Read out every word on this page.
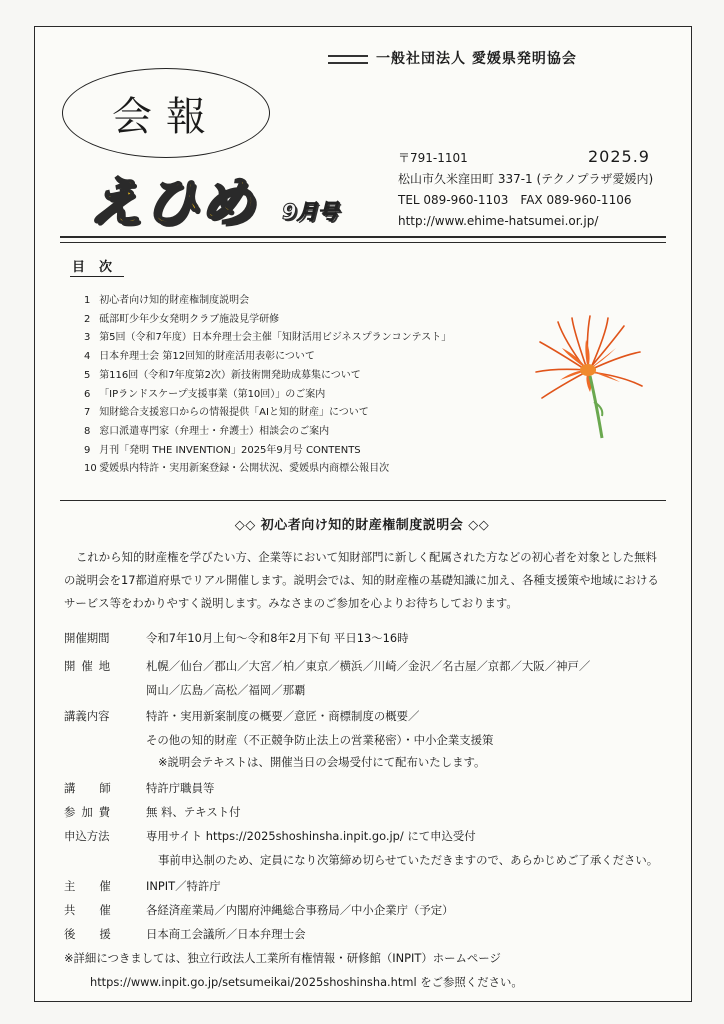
一般社団法人 愛媛県発明協会
会報
えひめ 9月号
〒791-1101	2025.9
松山市久米窪田町 337-1 (テクノプラザ愛媛内)
TEL 089-960-1103　FAX 089-960-1106
http://www.ehime-hatsumei.or.jp/
目次
1 初心者向け知的財産権制度説明会
2 砥部町少年少女発明クラブ施設見学研修
3 第5回（令和7年度）日本弁理士会主催「知財活用ビジネスプランコンテスト」
4 日本弁理士会 第12回知的財産活用表彰について
5 第116回（令和7年度第2次）新技術開発助成募集について
6 「IPランドスケープ支援事業（第10回）」のご案内
7 知財総合支援窓口からの情報提供「AIと知的財産」について
8 窓口派遣専門家（弁理士・弁護士）相談会のご案内
9 月刊「発明 THE INVENTION」2025年9月号 CONTENTS
10 愛媛県内特許・実用新案登録・公開状況、愛媛県内商標公報目次
◇◇ 初心者向け知的財産権制度説明会 ◇◇

これから知的財産権を学びたい方、企業等において知財部門に新しく配属された方などの初心者を対象とした無料の説明会を17都道府県でリアル開催します。説明会では、知的財産権の基礎知識に加え、各種支援策や地域におけるサービス等をわかりやすく説明します。みなさまのご参加を心よりお待ちしております。

開催期間	令和7年10月上旬～令和8年2月下旬 平日13～16時
開催地	札幌／仙台／郡山／大宮／柏／東京／横浜／川崎／金沢／名古屋／京都／大阪／神戸／
岡山／広島／高松／福岡／那覇
講義内容	特許・実用新案制度の概要／意匠・商標制度の概要／
その他の知的財産（不正競争防止法上の営業秘密）・中小企業支援策
※説明会テキストは、開催当日の会場受付にて配布いたします。
講師 特許庁職員等
参加費	無 料、テキスト付
申込方法	専用サイト https://2025shoshinsha.inpit.go.jp/ にて申込受付
事前申込制のため、定員になり次第締め切らせていただきますので、あらかじめご了承ください。
主催 INPIT／特許庁
共催 各経済産業局／内閣府沖縄総合事務局／中小企業庁（予定）
後援 日本商工会議所／日本弁理士会
※詳細につきましては、独立行政法人工業所有権情報・研修館（INPIT）ホームページ
https://www.inpit.go.jp/setsumeikai/2025shoshinsha.html をご参照ください。
